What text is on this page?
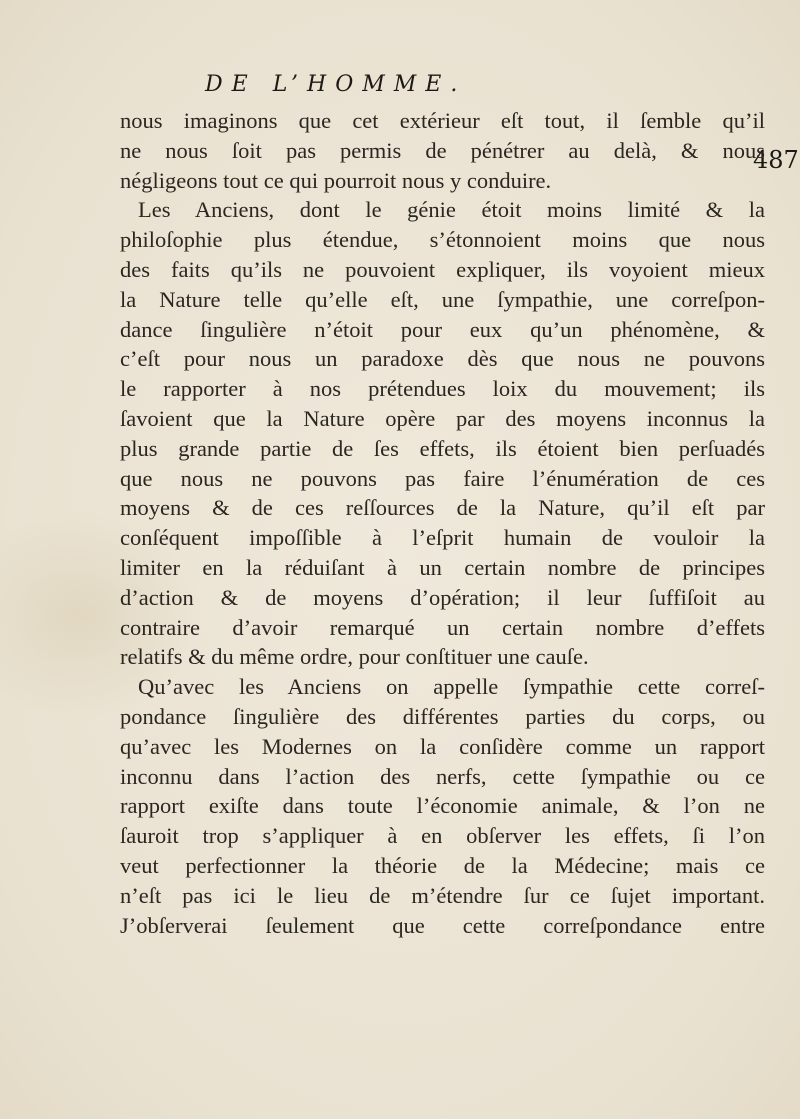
DE L’HOMME.
487
nous imaginons que cet extérieur eſt tout, il ſemble qu’il
ne nous ſoit pas permis de pénétrer au delà, & nous
négligeons tout ce qui pourroit nous y conduire.
Les Anciens, dont le génie étoit moins limité & la
philoſophie plus étendue, s’étonnoient moins que nous
des faits qu’ils ne pouvoient expliquer, ils voyoient mieux
la Nature telle qu’elle eſt, une ſympathie, une correſpon-
dance ſingulière n’étoit pour eux qu’un phénomène, &
c’eſt pour nous un paradoxe dès que nous ne pouvons
le rapporter à nos prétendues loix du mouvement; ils
ſavoient que la Nature opère par des moyens inconnus la
plus grande partie de ſes effets, ils étoient bien perſuadés
que nous ne pouvons pas faire l’énumération de ces
moyens & de ces reſſources de la Nature, qu’il eſt par
conſéquent impoſſible à l’eſprit humain de vouloir la
limiter en la réduiſant à un certain nombre de principes
d’action & de moyens d’opération; il leur ſuffiſoit au
contraire d’avoir remarqué un certain nombre d’effets
relatifs & du même ordre, pour conſtituer une cauſe.
Qu’avec les Anciens on appelle ſympathie cette correſ-
pondance ſingulière des différentes parties du corps, ou
qu’avec les Modernes on la conſidère comme un rapport
inconnu dans l’action des nerfs, cette ſympathie ou ce
rapport exiſte dans toute l’économie animale, & l’on ne
ſauroit trop s’appliquer à en obſerver les effets, ſi l’on
veut perfectionner la théorie de la Médecine; mais ce
n’eſt pas ici le lieu de m’étendre ſur ce ſujet important.
J’obſerverai ſeulement que cette correſpondance entre
